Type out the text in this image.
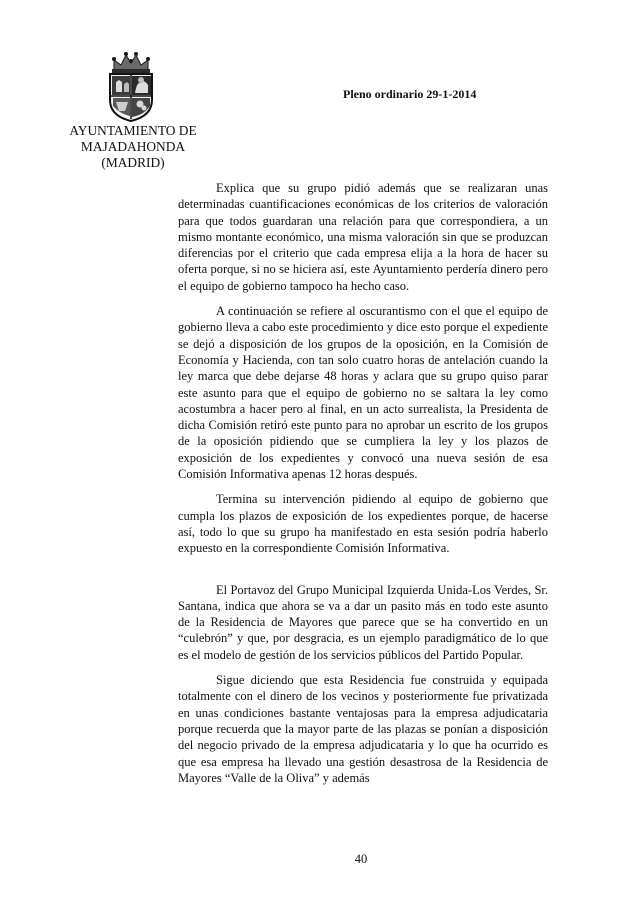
Pleno ordinario 29-1-2014
AYUNTAMIENTO DE
MAJADAHONDA
(MADRID)

Explica que su grupo pidió además que se realizaran unas determinadas cuantificaciones económicas de los criterios de valoración para que todos guardaran una relación para que correspondiera, a un mismo montante económico, una misma valoración sin que se produzcan diferencias por el criterio que cada empresa elija a la hora de hacer su oferta porque, si no se hiciera así, este Ayuntamiento perdería dinero pero el equipo de gobierno tampoco ha hecho caso.

A continuación se refiere al oscurantismo con el que el equipo de gobierno lleva a cabo este procedimiento y dice esto porque el expediente se dejó a disposición de los grupos de la oposición, en la Comisión de Economía y Hacienda, con tan solo cuatro horas de antelación cuando la ley marca que debe dejarse 48 horas y aclara que su grupo quiso parar este asunto para que el equipo de gobierno no se saltara la ley como acostumbra a hacer pero al final, en un acto surrealista, la Presidenta de dicha Comisión retiró este punto para no aprobar un escrito de los grupos de la oposición pidiendo que se cumpliera la ley y los plazos de exposición de los expedientes y convocó una nueva sesión de esa Comisión Informativa apenas 12 horas después.

Termina su intervención pidiendo al equipo de gobierno que cumpla los plazos de exposición de los expedientes porque, de hacerse así, todo lo que su grupo ha manifestado en esta sesión podría haberlo expuesto en la correspondiente Comisión Informativa.

El Portavoz del Grupo Municipal Izquierda Unida-Los Verdes, Sr. Santana, indica que ahora se va a dar un pasito más en todo este asunto de la Residencia de Mayores que parece que se ha convertido en un “culebrón” y que, por desgracia, es un ejemplo paradigmático de lo que es el modelo de gestión de los servicios públicos del Partido Popular.

Sigue diciendo que esta Residencia fue construida y equipada totalmente con el dinero de los vecinos y posteriormente fue privatizada en unas condiciones bastante ventajosas para la empresa adjudicataria porque recuerda que la mayor parte de las plazas se ponían a disposición del negocio privado de la empresa adjudicataria y lo que ha ocurrido es que esa empresa ha llevado una gestión desastrosa de la Residencia de Mayores “Valle de la Oliva” y además

40
